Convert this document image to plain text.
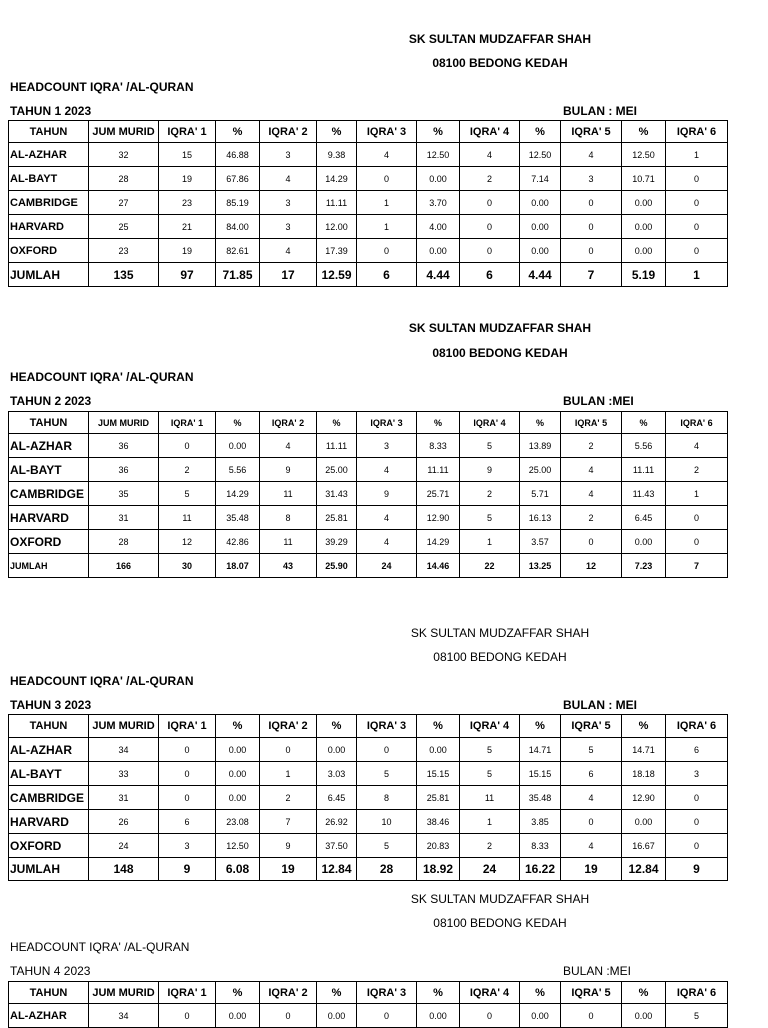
SK SULTAN MUDZAFFAR SHAH
08100 BEDONG KEDAH
HEADCOUNT IQRA' /AL-QURAN
TAHUN 1 2023	BULAN : MEI
TAHUN	JUM MURID	IQRA' 1	%	IQRA' 2	%	IQRA' 3	%	IQRA' 4	%	IQRA' 5	%	IQRA' 6
AL-AZHAR	32	15	46.88	3	9.38	4	12.50	4	12.50	4	12.50	1
AL-BAYT	28	19	67.86	4	14.29	0	0.00	2	7.14	3	10.71	0
CAMBRIDGE	27	23	85.19	3	11.11	1	3.70	0	0.00	0	0.00	0
HARVARD	25	21	84.00	3	12.00	1	4.00	0	0.00	0	0.00	0
OXFORD	23	19	82.61	4	17.39	0	0.00	0	0.00	0	0.00	0
JUMLAH	135	97	71.85	17	12.59	6	4.44	6	4.44	7	5.19	1
SK SULTAN MUDZAFFAR SHAH
08100 BEDONG KEDAH
HEADCOUNT IQRA' /AL-QURAN
TAHUN 2 2023	BULAN :MEI
TAHUN	JUM MURID	IQRA' 1	%	IQRA' 2	%	IQRA' 3	%	IQRA' 4	%	IQRA' 5	%	IQRA' 6
AL-AZHAR	36	0	0.00	4	11.11	3	8.33	5	13.89	2	5.56	4
AL-BAYT	36	2	5.56	9	25.00	4	11.11	9	25.00	4	11.11	2
CAMBRIDGE	35	5	14.29	11	31.43	9	25.71	2	5.71	4	11.43	1
HARVARD	31	11	35.48	8	25.81	4	12.90	5	16.13	2	6.45	0
OXFORD	28	12	42.86	11	39.29	4	14.29	1	3.57	0	0.00	0
JUMLAH	166	30	18.07	43	25.90	24	14.46	22	13.25	12	7.23	7
SK SULTAN MUDZAFFAR SHAH
08100 BEDONG KEDAH
HEADCOUNT IQRA' /AL-QURAN
TAHUN 3 2023	BULAN : MEI
TAHUN	JUM MURID	IQRA' 1	%	IQRA' 2	%	IQRA' 3	%	IQRA' 4	%	IQRA' 5	%	IQRA' 6
AL-AZHAR	34	0	0.00	0	0.00	0	0.00	5	14.71	5	14.71	6
AL-BAYT	33	0	0.00	1	3.03	5	15.15	5	15.15	6	18.18	3
CAMBRIDGE	31	0	0.00	2	6.45	8	25.81	11	35.48	4	12.90	0
HARVARD	26	6	23.08	7	26.92	10	38.46	1	3.85	0	0.00	0
OXFORD	24	3	12.50	9	37.50	5	20.83	2	8.33	4	16.67	0
JUMLAH	148	9	6.08	19	12.84	28	18.92	24	16.22	19	12.84	9
SK SULTAN MUDZAFFAR SHAH
08100 BEDONG KEDAH
HEADCOUNT IQRA' /AL-QURAN
TAHUN 4 2023	BULAN :MEI
TAHUN	JUM MURID	IQRA' 1	%	IQRA' 2	%	IQRA' 3	%	IQRA' 4	%	IQRA' 5	%	IQRA' 6
AL-AZHAR	34	0	0.00	0	0.00	0	0.00	0	0.00	0	0.00	5
